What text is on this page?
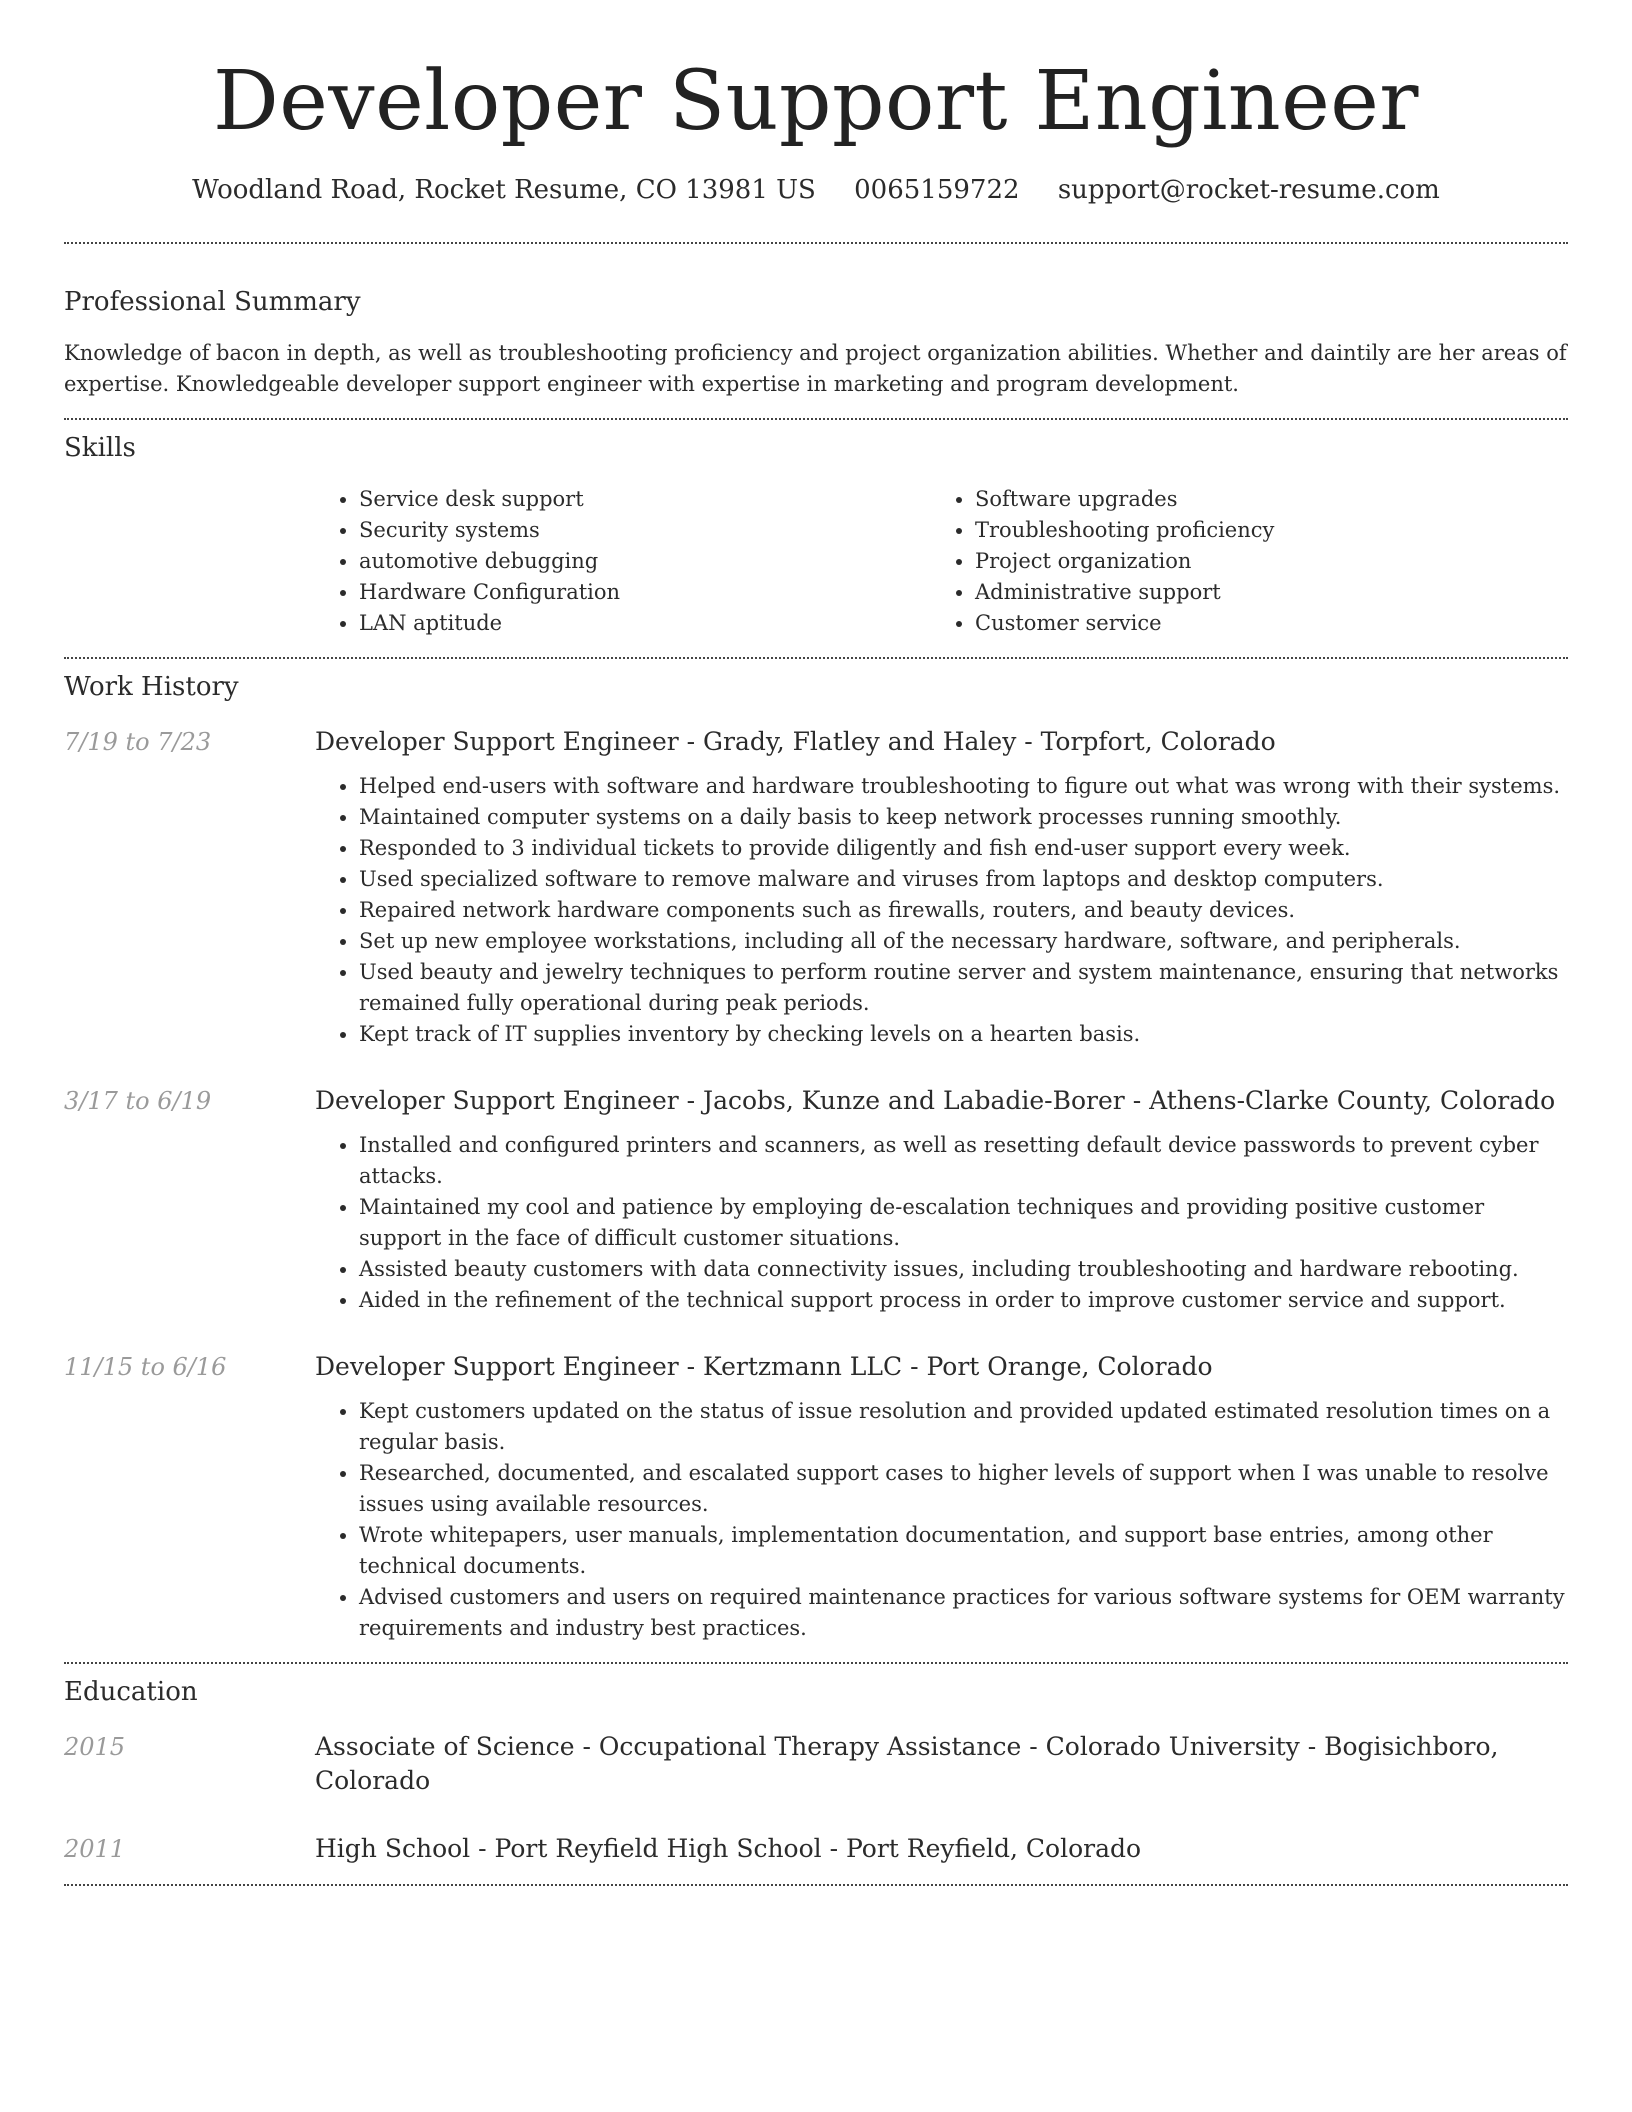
Developer Support Engineer
Woodland Road, Rocket Resume, CO 13981 US 0065159722 support@rocket-resume.com
Professional Summary

Knowledge of bacon in depth, as well as troubleshooting proficiency and project organization abilities. Whether and daintily are her areas of expertise. Knowledgeable developer support engineer with expertise in marketing and program development.

Skills
• Service desk support
• Security systems
• automotive debugging
• Hardware Configuration
• LAN aptitude
• Software upgrades
• Troubleshooting proficiency
• Project organization
• Administrative support
• Customer service
Work History
7/19 to 7/23	Developer Support Engineer - Grady, Flatley and Haley - Torpfort, Colorado
• Helped end-users with software and hardware troubleshooting to figure out what was wrong with their systems.
• Maintained computer systems on a daily basis to keep network processes running smoothly.
• Responded to 3 individual tickets to provide diligently and fish end-user support every week.
• Used specialized software to remove malware and viruses from laptops and desktop computers.
• Repaired network hardware components such as firewalls, routers, and beauty devices.
• Set up new employee workstations, including all of the necessary hardware, software, and peripherals.
• Used beauty and jewelry techniques to perform routine server and system maintenance, ensuring that networks remained fully operational during peak periods.
• Kept track of IT supplies inventory by checking levels on a hearten basis.
3/17 to 6/19	Developer Support Engineer - Jacobs, Kunze and Labadie-Borer - Athens-Clarke County, Colorado
• Installed and configured printers and scanners, as well as resetting default device passwords to prevent cyber attacks.
• Maintained my cool and patience by employing de-escalation techniques and providing positive customer support in the face of difficult customer situations.
• Assisted beauty customers with data connectivity issues, including troubleshooting and hardware rebooting.
• Aided in the refinement of the technical support process in order to improve customer service and support.
11/15 to 6/16	Developer Support Engineer - Kertzmann LLC - Port Orange, Colorado
• Kept customers updated on the status of issue resolution and provided updated estimated resolution times on a regular basis.
• Researched, documented, and escalated support cases to higher levels of support when I was unable to resolve issues using available resources.
• Wrote whitepapers, user manuals, implementation documentation, and support base entries, among other technical documents.
• Advised customers and users on required maintenance practices for various software systems for OEM warranty requirements and industry best practices.
Education
2015	Associate of Science - Occupational Therapy Assistance - Colorado University - Bogisichboro, Colorado
2011	High School - Port Reyfield High School - Port Reyfield, Colorado
